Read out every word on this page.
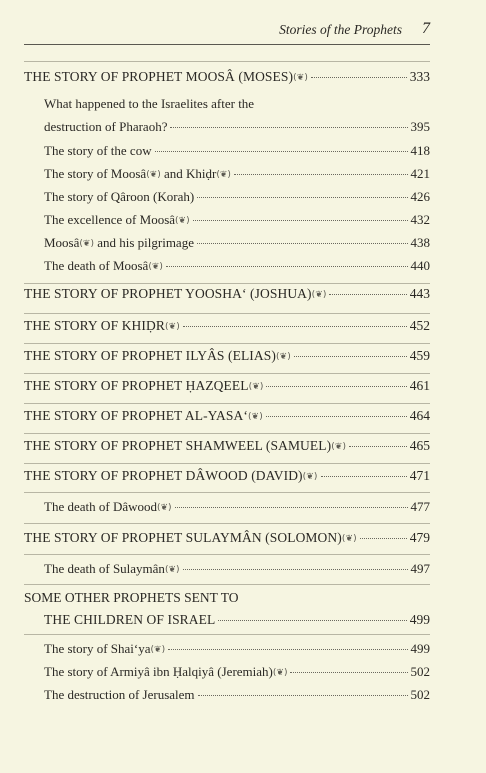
Stories of the Prophets 7
THE STORY OF PROPHET MOOSÂ (MOSES)(❦)	333
What happened to the Israelites after the
destruction of Pharaoh?	395
The story of the cow	418
The story of Moosâ(❦) and Khiḍr(❦)	421
The story of Qâroon (Korah)	426
The excellence of Moosâ(❦)	432
Moosâ(❦) and his pilgrimage	438
The death of Moosâ(❦)	440
THE STORY OF PROPHET YOOSHA‘ (JOSHUA)(❦)	443
THE STORY OF KHIḌR(❦)	452
THE STORY OF PROPHET ILYÂS (ELIAS)(❦)	459
THE STORY OF PROPHET ḤAZQEEL(❦)	461
THE STORY OF PROPHET AL-YASA‘(❦)	464
THE STORY OF PROPHET SHAMWEEL (SAMUEL)(❦)	465
THE STORY OF PROPHET DÂWOOD (DAVID)(❦)	471
The death of Dâwood(❦)	477
THE STORY OF PROPHET SULAYMÂN (SOLOMON)(❦)	479
The death of Sulaymân(❦)	497
SOME OTHER PROPHETS SENT TO
THE CHILDREN OF ISRAEL	499
The story of Shai‘ya(❦)	499
The story of Armiyâ ibn Ḥalqiyâ (Jeremiah)(❦)	502
The destruction of Jerusalem	502
